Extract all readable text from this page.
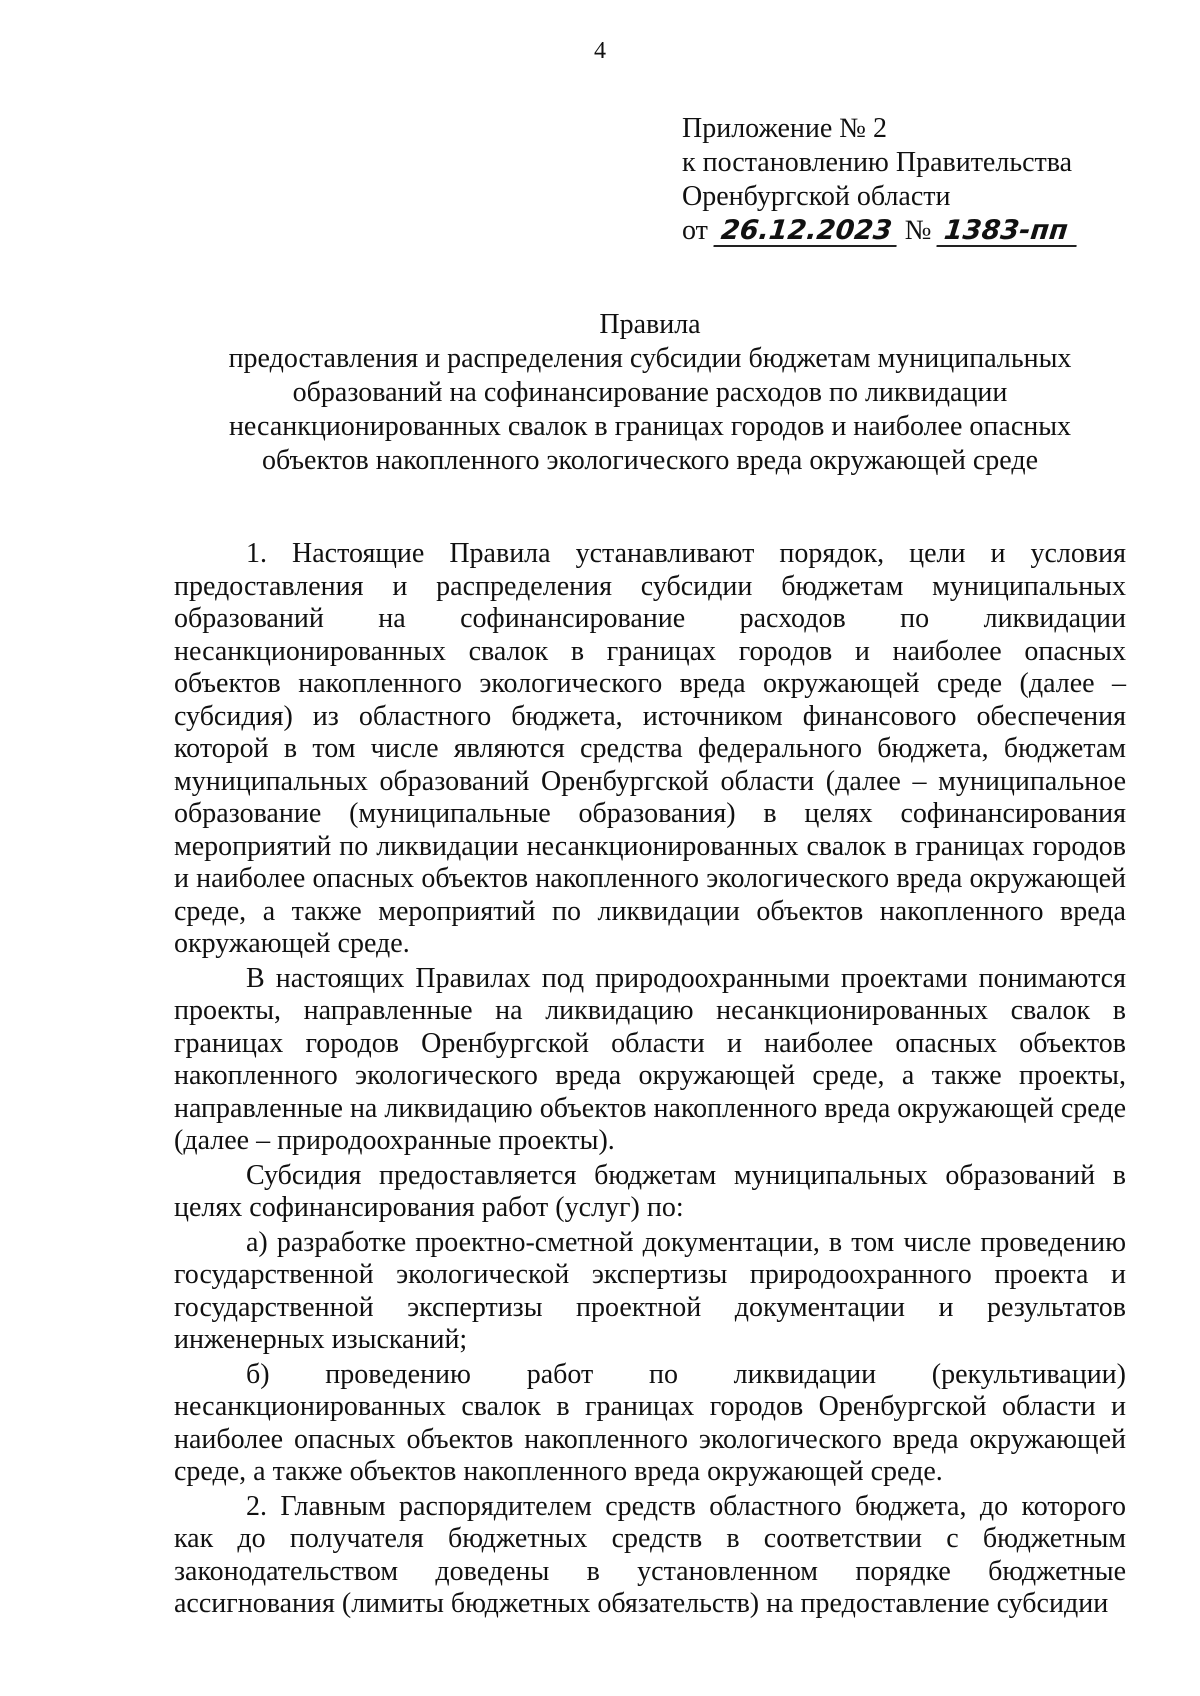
4
Приложение № 2
к постановлению Правительства
Оренбургской области
от 26.12.2023 № 1383-пп
Правила
предоставления и распределения субсидии бюджетам муниципальных
образований на софинансирование расходов по ликвидации
несанкционированных свалок в границах городов и наиболее опасных
объектов накопленного экологического вреда окружающей среде

1. Настоящие Правила устанавливают порядок, цели и условия предоставления и распределения субсидии бюджетам муниципальных образований на софинансирование расходов по ликвидации несанкционированных свалок в границах городов и наиболее опасных объектов накопленного экологического вреда окружающей среде (далее – субсидия) из областного бюджета, источником финансового обеспечения которой в том числе являются средства федерального бюджета, бюджетам муниципальных образований Оренбургской области (далее – муниципальное образование (муниципальные образования) в целях софинансирования мероприятий по ликвидации несанкционированных свалок в границах городов и наиболее опасных объектов накопленного экологического вреда окружающей среде, а также мероприятий по ликвидации объектов накопленного вреда окружающей среде.

В настоящих Правилах под природоохранными проектами понимаются проекты, направленные на ликвидацию несанкционированных свалок в границах городов Оренбургской области и наиболее опасных объектов накопленного экологического вреда окружающей среде, а также проекты, направленные на ликвидацию объектов накопленного вреда окружающей среде (далее – природоохранные проекты).

Субсидия предоставляется бюджетам муниципальных образований в целях софинансирования работ (услуг) по:

а) разработке проектно-сметной документации, в том числе проведению государственной экологической экспертизы природоохранного проекта и государственной экспертизы проектной документации и результатов инженерных изысканий;

б) проведению работ по ликвидации (рекультивации) несанкционированных свалок в границах городов Оренбургской области и наиболее опасных объектов накопленного экологического вреда окружающей среде, а также объектов накопленного вреда окружающей среде.

2. Главным распорядителем средств областного бюджета, до которого как до получателя бюджетных средств в соответствии с бюджетным законодательством доведены в установленном порядке бюджетные ассигнования (лимиты бюджетных обязательств) на предоставление субсидии
